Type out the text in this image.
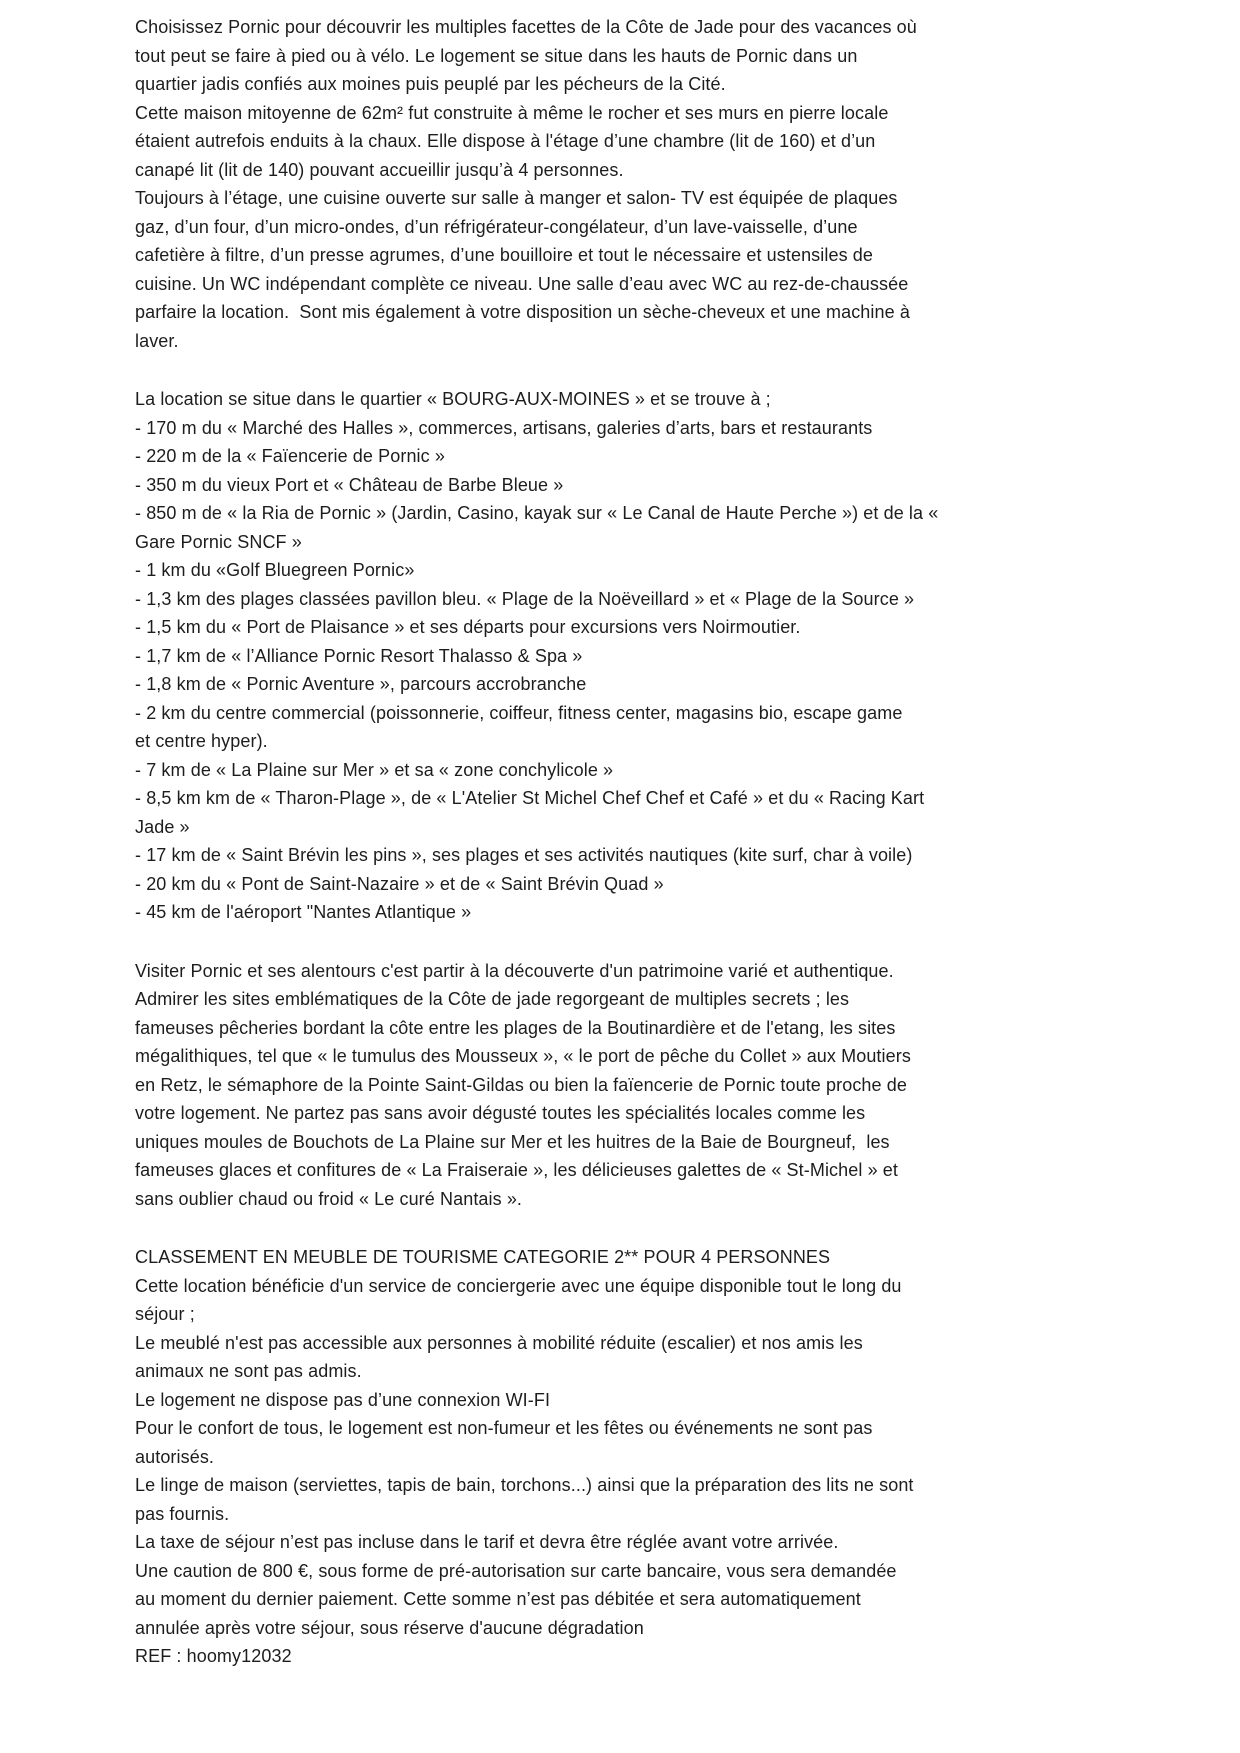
Choisissez Pornic pour découvrir les multiples facettes de la Côte de Jade pour des vacances où
tout peut se faire à pied ou à vélo. Le logement se situe dans les hauts de Pornic dans un
quartier jadis confiés aux moines puis peuplé par les pécheurs de la Cité.
Cette maison mitoyenne de 62m² fut construite à même le rocher et ses murs en pierre locale
étaient autrefois enduits à la chaux. Elle dispose à l'étage d’une chambre (lit de 160) et d’un
canapé lit (lit de 140) pouvant accueillir jusqu’à 4 personnes.
Toujours à l’étage, une cuisine ouverte sur salle à manger et salon- TV est équipée de plaques
gaz, d’un four, d’un micro-ondes, d’un réfrigérateur-congélateur, d’un lave-vaisselle, d’une
cafetière à filtre, d’un presse agrumes, d’une bouilloire et tout le nécessaire et ustensiles de
cuisine. Un WC indépendant complète ce niveau. Une salle d’eau avec WC au rez-de-chaussée
parfaire la location.  Sont mis également à votre disposition un sèche-cheveux et une machine à
laver.
La location se situe dans le quartier « BOURG-AUX-MOINES » et se trouve à ;
- 170 m du « Marché des Halles », commerces, artisans, galeries d’arts, bars et restaurants
- 220 m de la « Faïencerie de Pornic »
- 350 m du vieux Port et « Château de Barbe Bleue »
- 850 m de « la Ria de Pornic » (Jardin, Casino, kayak sur « Le Canal de Haute Perche ») et de la «
Gare Pornic SNCF »
- 1 km du «Golf Bluegreen Pornic»
- 1,3 km des plages classées pavillon bleu. « Plage de la Noëveillard » et « Plage de la Source »
- 1,5 km du « Port de Plaisance » et ses départs pour excursions vers Noirmoutier.
- 1,7 km de « l’Alliance Pornic Resort Thalasso & Spa »
- 1,8 km de « Pornic Aventure », parcours accrobranche
- 2 km du centre commercial (poissonnerie, coiffeur, fitness center, magasins bio, escape game
et centre hyper).
- 7 km de « La Plaine sur Mer » et sa « zone conchylicole »
- 8,5 km km de « Tharon-Plage », de « L'Atelier St Michel Chef Chef et Café » et du « Racing Kart
Jade »
- 17 km de « Saint Brévin les pins », ses plages et ses activités nautiques (kite surf, char à voile)
- 20 km du « Pont de Saint-Nazaire » et de « Saint Brévin Quad »
- 45 km de l'aéroport "Nantes Atlantique »
Visiter Pornic et ses alentours c'est partir à la découverte d'un patrimoine varié et authentique.
Admirer les sites emblématiques de la Côte de jade regorgeant de multiples secrets ; les
fameuses pêcheries bordant la côte entre les plages de la Boutinardière et de l'etang, les sites
mégalithiques, tel que « le tumulus des Mousseux », « le port de pêche du Collet » aux Moutiers
en Retz, le sémaphore de la Pointe Saint-Gildas ou bien la faïencerie de Pornic toute proche de
votre logement. Ne partez pas sans avoir dégusté toutes les spécialités locales comme les
uniques moules de Bouchots de La Plaine sur Mer et les huitres de la Baie de Bourgneuf,  les
fameuses glaces et confitures de « La Fraiseraie », les délicieuses galettes de « St-Michel » et
sans oublier chaud ou froid « Le curé Nantais ».
CLASSEMENT EN MEUBLE DE TOURISME CATEGORIE 2** POUR 4 PERSONNES
Cette location bénéficie d'un service de conciergerie avec une équipe disponible tout le long du
séjour ;
Le meublé n'est pas accessible aux personnes à mobilité réduite (escalier) et nos amis les
animaux ne sont pas admis.
Le logement ne dispose pas d’une connexion WI-FI
Pour le confort de tous, le logement est non-fumeur et les fêtes ou événements ne sont pas
autorisés.
Le linge de maison (serviettes, tapis de bain, torchons...) ainsi que la préparation des lits ne sont
pas fournis.
La taxe de séjour n’est pas incluse dans le tarif et devra être réglée avant votre arrivée.
Une caution de 800 €, sous forme de pré-autorisation sur carte bancaire, vous sera demandée
au moment du dernier paiement. Cette somme n’est pas débitée et sera automatiquement
annulée après votre séjour, sous réserve d'aucune dégradation
REF : hoomy12032
